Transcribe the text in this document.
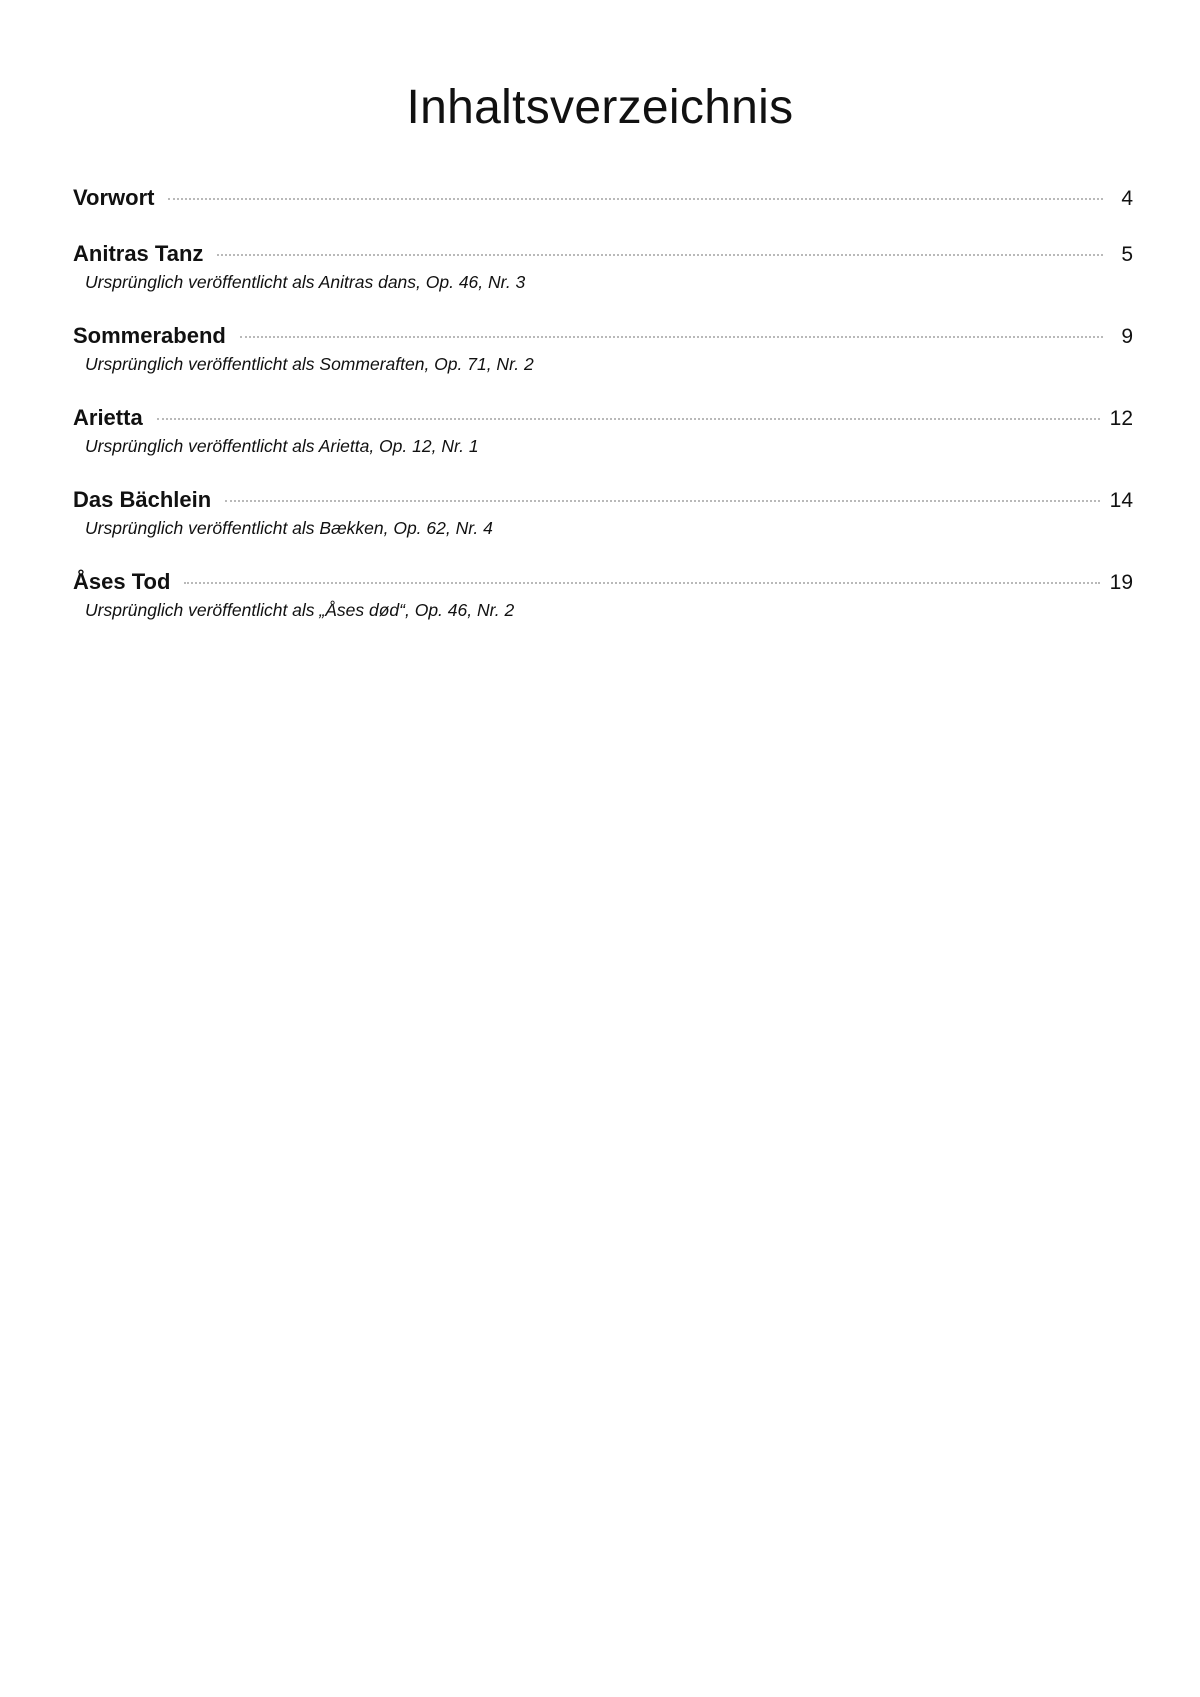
Inhaltsverzeichnis
Vorwort	4
Anitras Tanz	5
Ursprünglich veröffentlicht als Anitras dans, Op. 46, Nr. 3
Sommerabend	9
Ursprünglich veröffentlicht als Sommeraften, Op. 71, Nr. 2
Arietta	12
Ursprünglich veröffentlicht als Arietta, Op. 12, Nr. 1
Das Bächlein	14
Ursprünglich veröffentlicht als Bække﻿n, Op. 62, Nr. 4
Åses Tod	19
Ursprünglich veröffentlicht als „Åses død“, Op. 46, Nr. 2
